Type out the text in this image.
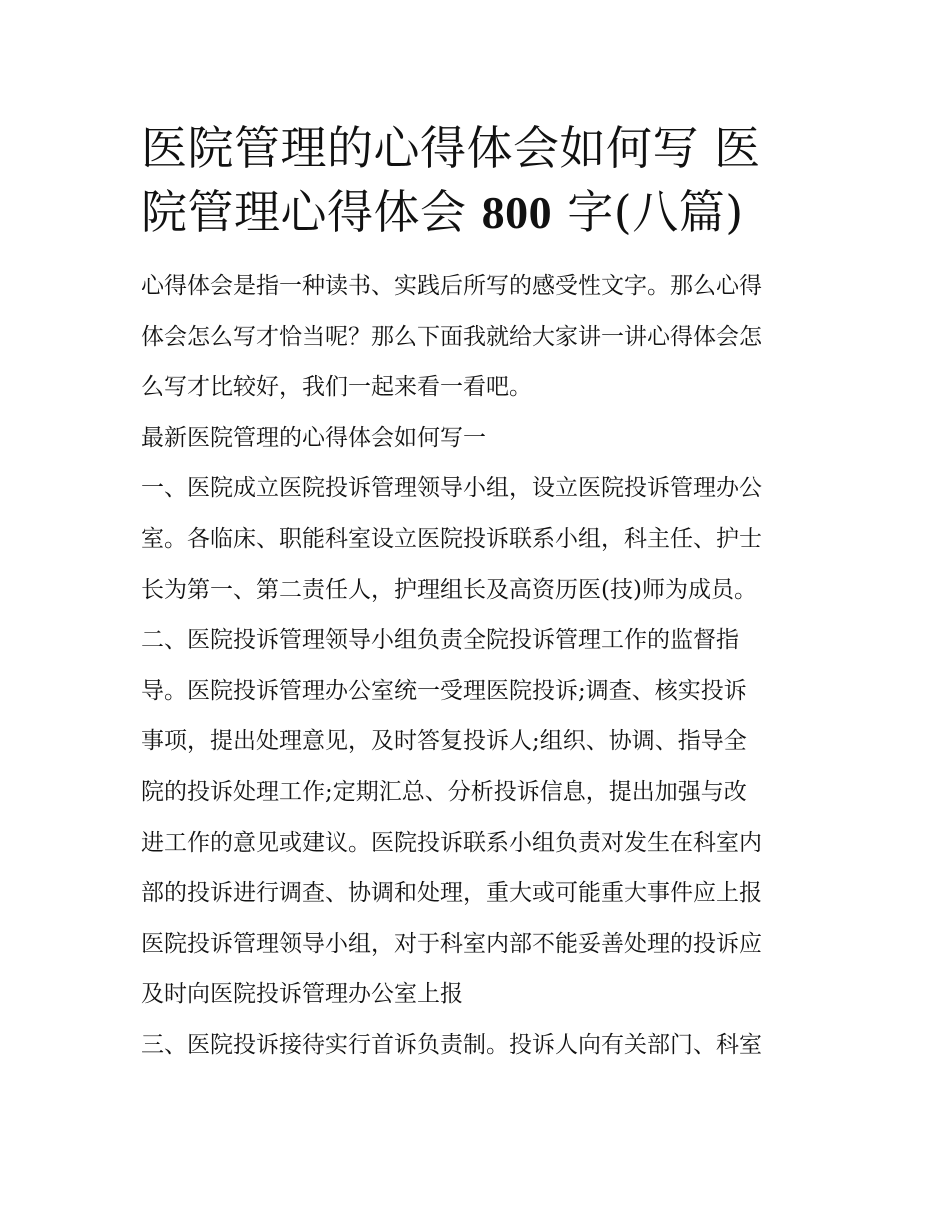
医院管理的心得体会如何写 医
院管理心得体会 800 字(八篇)

心得体会是指一种读书、实践后所写的感受性文字。那么心得
体会怎么写才恰当呢？那么下面我就给大家讲一讲心得体会怎
么写才比较好，我们一起来看一看吧。

最新医院管理的心得体会如何写一

一、医院成立医院投诉管理领导小组，设立医院投诉管理办公
室。各临床、职能科室设立医院投诉联系小组，科主任、护士
长为第一、第二责任人，护理组长及高资历医(技)师为成员。

二、医院投诉管理领导小组负责全院投诉管理工作的监督指
导。医院投诉管理办公室统一受理医院投诉;调查、核实投诉
事项，提出处理意见，及时答复投诉人;组织、协调、指导全
院的投诉处理工作;定期汇总、分析投诉信息，提出加强与改
进工作的意见或建议。医院投诉联系小组负责对发生在科室内
部的投诉进行调查、协调和处理，重大或可能重大事件应上报
医院投诉管理领导小组，对于科室内部不能妥善处理的投诉应
及时向医院投诉管理办公室上报

三、医院投诉接待实行首诉负责制。投诉人向有关部门、科室
